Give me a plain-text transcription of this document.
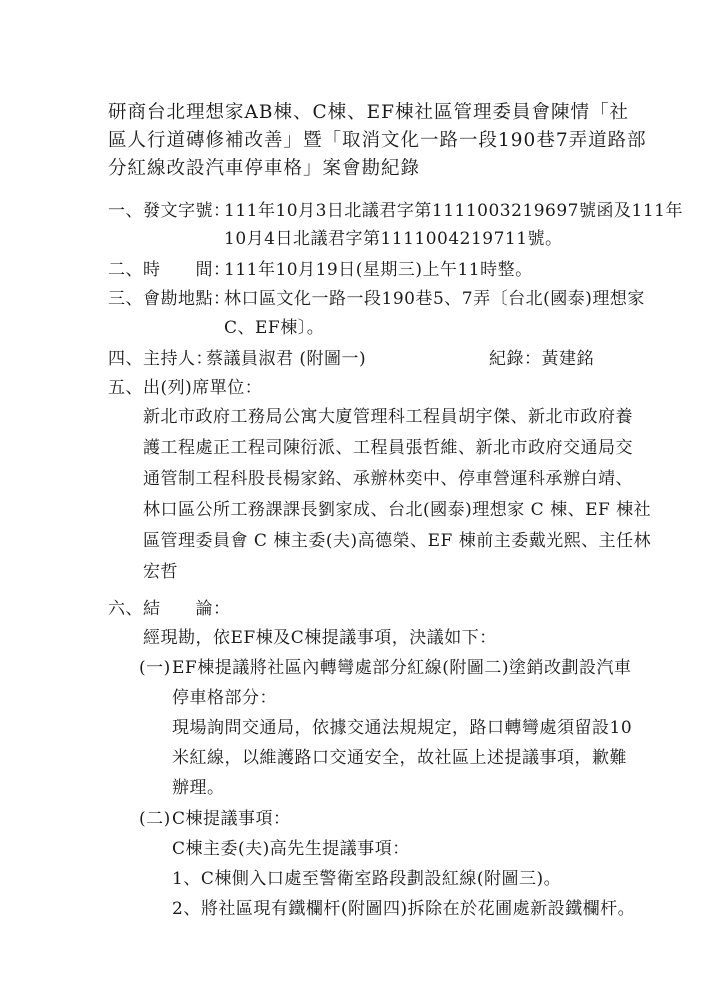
研商台北理想家AB棟、C棟、EF棟社區管理委員會陳情「社
區人行道磚修補改善」暨「取消文化一路一段190巷7弄道路部
分紅線改設汽車停車格」案會勘紀錄
一、發文字號：
111年10月3日北議君字第1111003219697號函及111年
10月4日北議君字第1111004219711號。
二、時　　間：
111年10月19日(星期三)上午11時整。
三、會勘地點：
林口區文化一路一段190巷5、7弄〔台北(國泰)理想家
C、EF棟〕。
四、主持人：
蔡議員淑君 (附圖一)	紀錄：黃建銘
五、出(列)席單位：
新北市政府工務局公寓大廈管理科工程員胡宇傑、新北市政府養
護工程處正工程司陳衍派、工程員張哲維、新北市政府交通局交
通管制工程科股長楊家銘、承辦林奕中、停車營運科承辦白靖、
林口區公所工務課課長劉家成、台北(國泰)理想家 C 棟、EF 棟社
區管理委員會 C 棟主委(夫)高德榮、EF 棟前主委戴光熙、主任林
宏哲
六、結　　論：
經現勘，依EF棟及C棟提議事項，決議如下：
(一) EF棟提議將社區內轉彎處部分紅線(附圖二)塗銷改劃設汽車
停車格部分：
現場詢問交通局，依據交通法規規定，路口轉彎處須留設10
米紅線，以維護路口交通安全，故社區上述提議事項，歉難
辦理。
(二) C棟提議事項：
C棟主委(夫)高先生提議事項：
1、C棟側入口處至警衛室路段劃設紅線(附圖三)。
2、將社區現有鐵欄杆(附圖四)拆除在於花圃處新設鐵欄杆。
